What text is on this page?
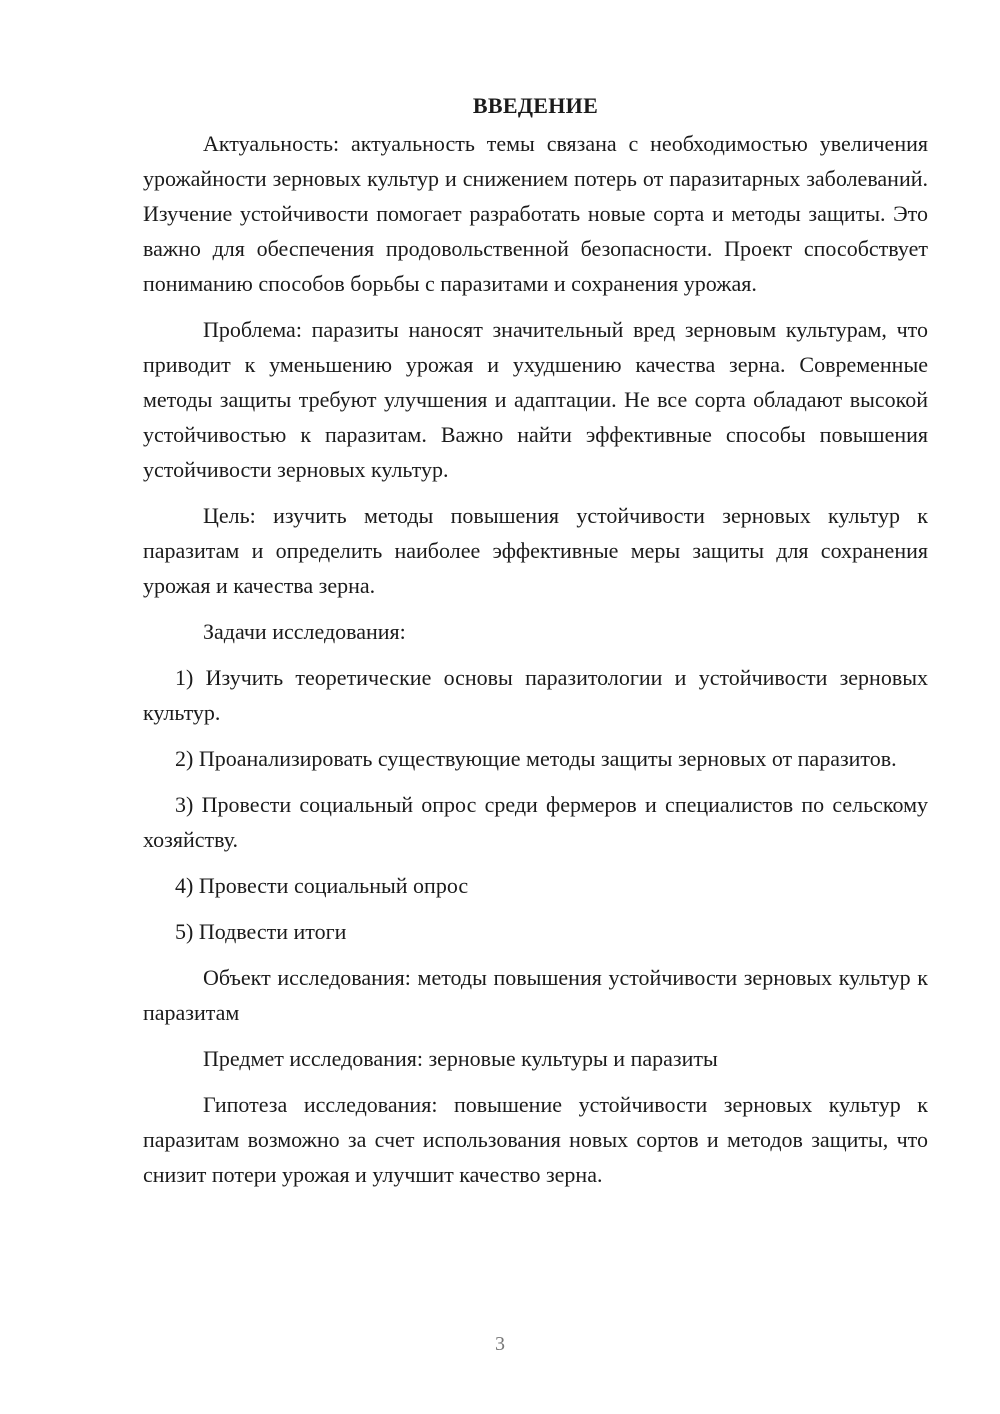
ВВЕДЕНИЕ

Актуальность: актуальность темы связана с необходимостью увеличения урожайности зерновых культур и снижением потерь от паразитарных заболеваний. Изучение устойчивости помогает разработать новые сорта и методы защиты. Это важно для обеспечения продовольственной безопасности. Проект способствует пониманию способов борьбы с паразитами и сохранения урожая.

Проблема: паразиты наносят значительный вред зерновым культурам, что приводит к уменьшению урожая и ухудшению качества зерна. Современные методы защиты требуют улучшения и адаптации. Не все сорта обладают высокой устойчивостью к паразитам. Важно найти эффективные способы повышения устойчивости зерновых культур.

Цель: изучить методы повышения устойчивости зерновых культур к паразитам и определить наиболее эффективные меры защиты для сохранения урожая и качества зерна.

Задачи исследования:

1) Изучить теоретические основы паразитологии и устойчивости зерновых культур.

2) Проанализировать существующие методы защиты зерновых от паразитов.

3) Провести социальный опрос среди фермеров и специалистов по сельскому хозяйству.

4) Провести социальный опрос

5) Подвести итоги

Объект исследования: методы повышения устойчивости зерновых культур к паразитам

Предмет исследования: зерновые культуры и паразиты

Гипотеза исследования: повышение устойчивости зерновых культур к паразитам возможно за счет использования новых сортов и методов защиты, что снизит потери урожая и улучшит качество зерна.

3
